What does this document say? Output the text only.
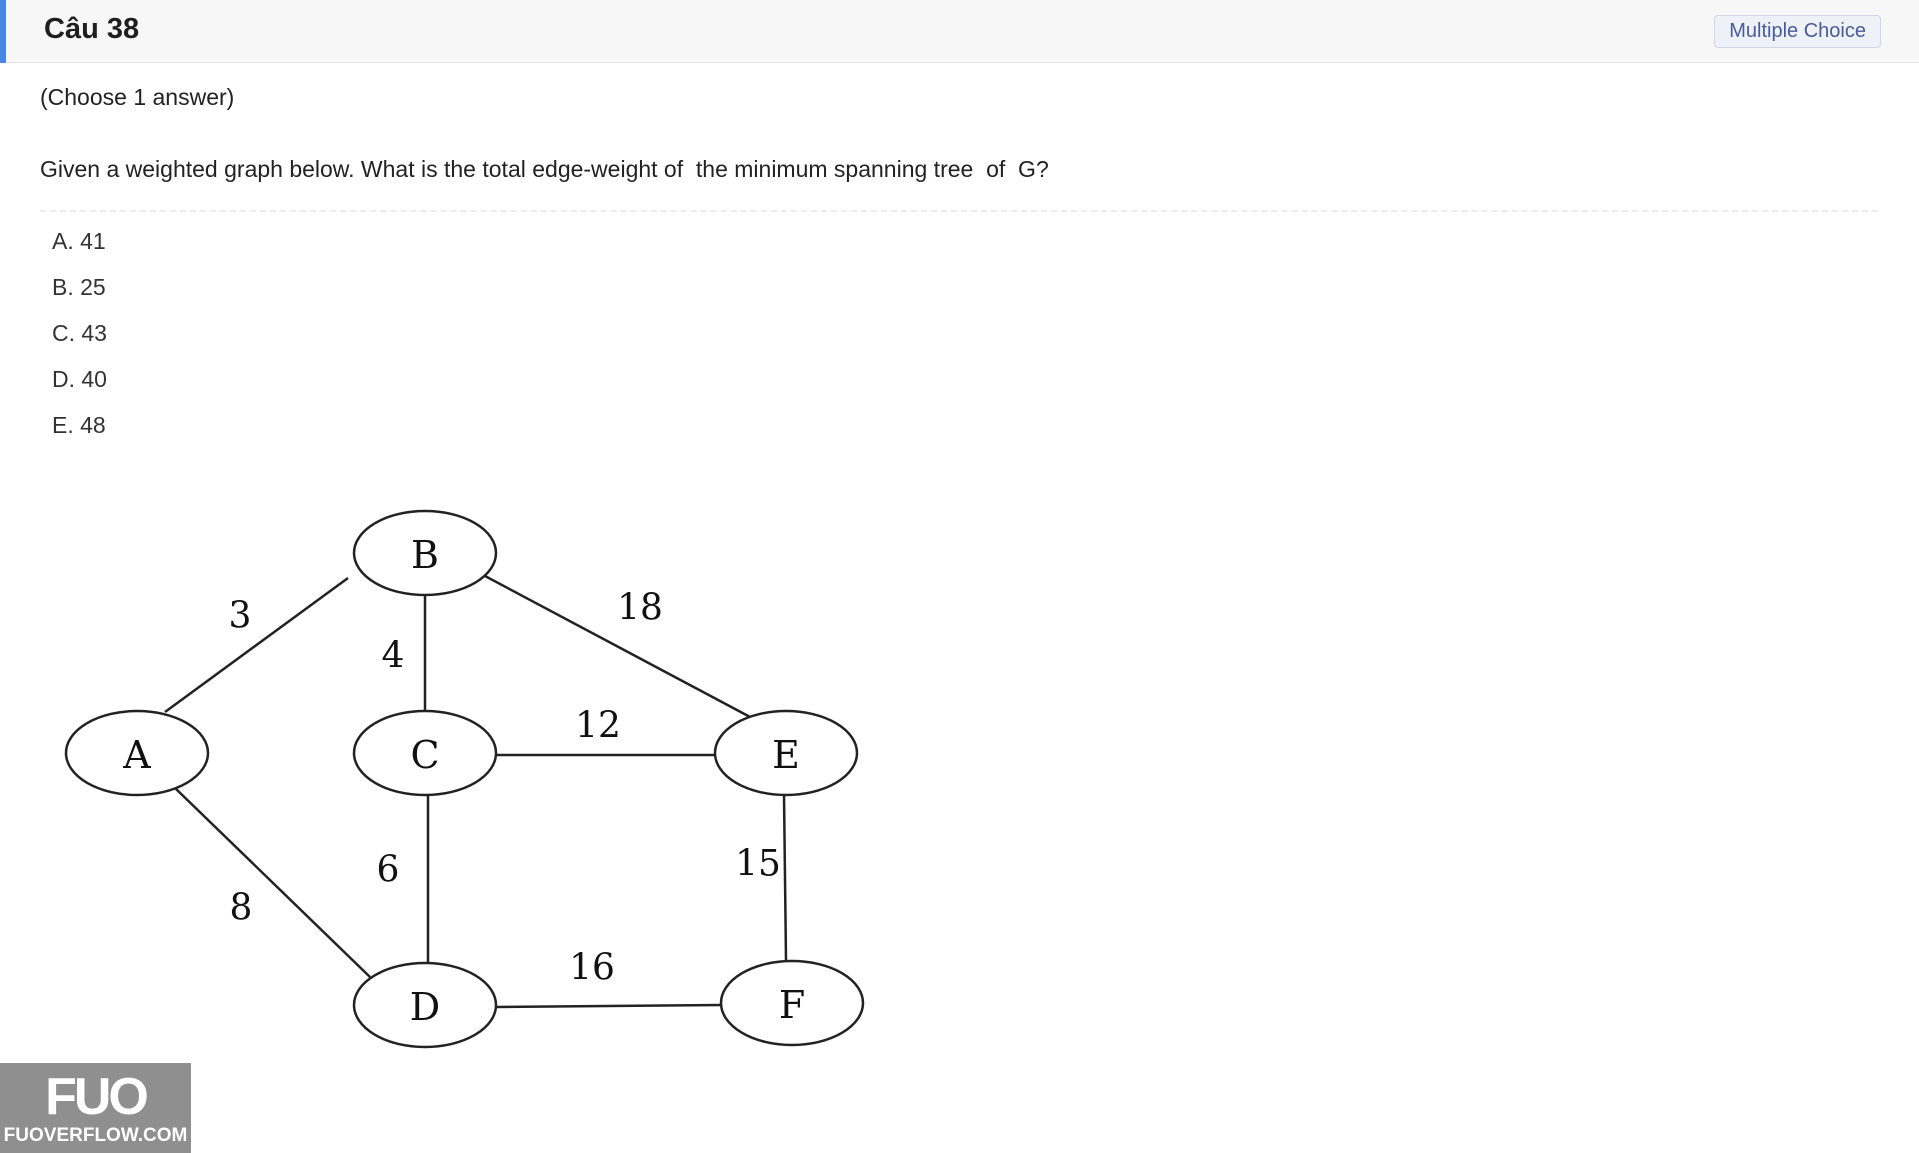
Câu 38	Multiple Choice
(Choose 1 answer)
Given a weighted graph below. What is the total edge-weight of  the minimum spanning tree  of  G?
A. 41
B. 25
C. 43
D. 40
E. 48
A
B
C
D
E
F
3
4
18
12
6
8
15
16
FUO
FUOVERFLOW.COM
